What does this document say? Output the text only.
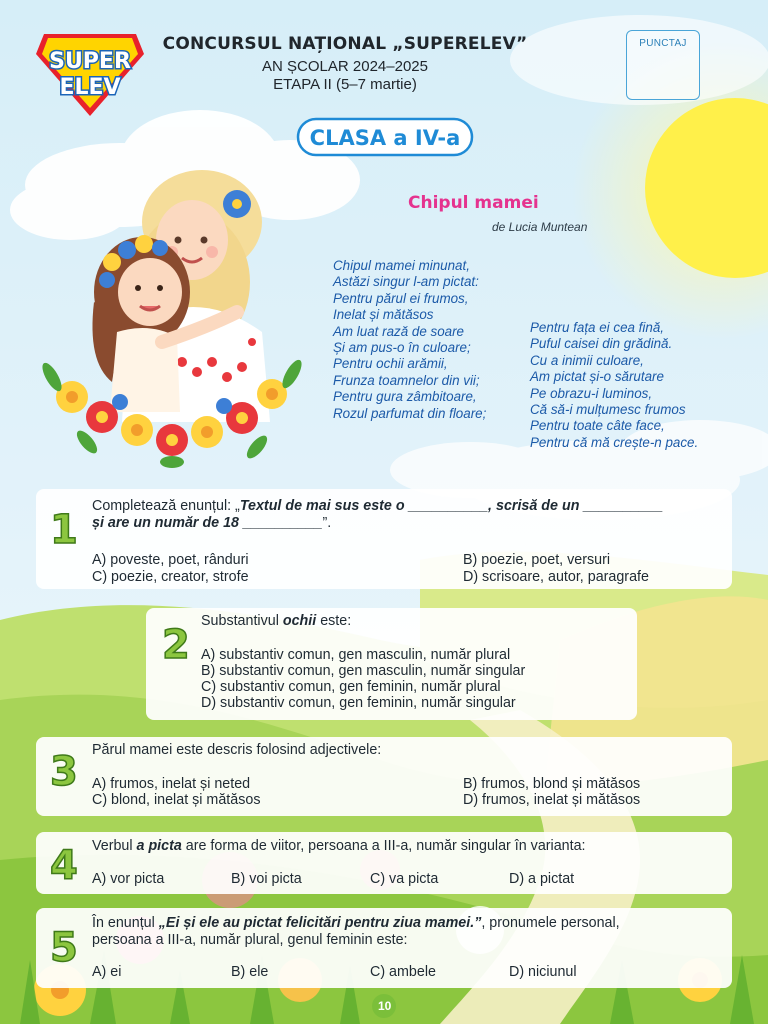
SUPER
ELEV
CONCURSUL NAȚIONAL „SUPERELEV”
AN ȘCOLAR 2024–2025
ETAPA II (5–7 martie)
PUNCTAJ
CLASA a IV-a
Chipul mamei
de Lucia Muntean
Chipul mamei minunat,
Astăzi singur l-am pictat:
Pentru părul ei frumos,
Inelat și mătăsos
Am luat rază de soare
Și am pus-o în culoare;
Pentru ochii arămii,
Frunza toamnelor din vii;
Pentru gura zâmbitoare,
Rozul parfumat din floare;
Pentru fața ei cea fină,
Puful caisei din grădină.
Cu a inimii culoare,
Am pictat și-o sărutare
Pe obrazu-i luminos,
Că să-i mulțumesc frumos
Pentru toate câte face,
Pentru că mă crește-n pace.
1
Completează enunțul: „Textul de mai sus este o __________, scrisă de un __________
și are un număr de 18 __________”.
A) poveste, poet, rânduri	B) poezie, poet, versuri
C) poezie, creator, strofe	D) scrisoare, autor, paragrafe
2
Substantivul ochii este:
A) substantiv comun, gen masculin, număr plural
B) substantiv comun, gen masculin, număr singular
C) substantiv comun, gen feminin, număr plural
D) substantiv comun, gen feminin, număr singular
3 Părul mamei este descris folosind adjectivele:
A) frumos, inelat și neted	B) frumos, blond și mătăsos
C) blond, inelat și mătăsos	D) frumos, inelat și mătăsos
4 Verbul a picta are forma de viitor, persoana a III-a, număr singular în varianta:
A) vor picta	B) voi picta	C) va picta	D) a pictat
5
În enunțul „Ei și ele au pictat felicitări pentru ziua mamei.”, pronumele personal,
persoana a III-a, număr plural, genul feminin este:
A) ei	B) ele	C) ambele	D) niciunul
10
